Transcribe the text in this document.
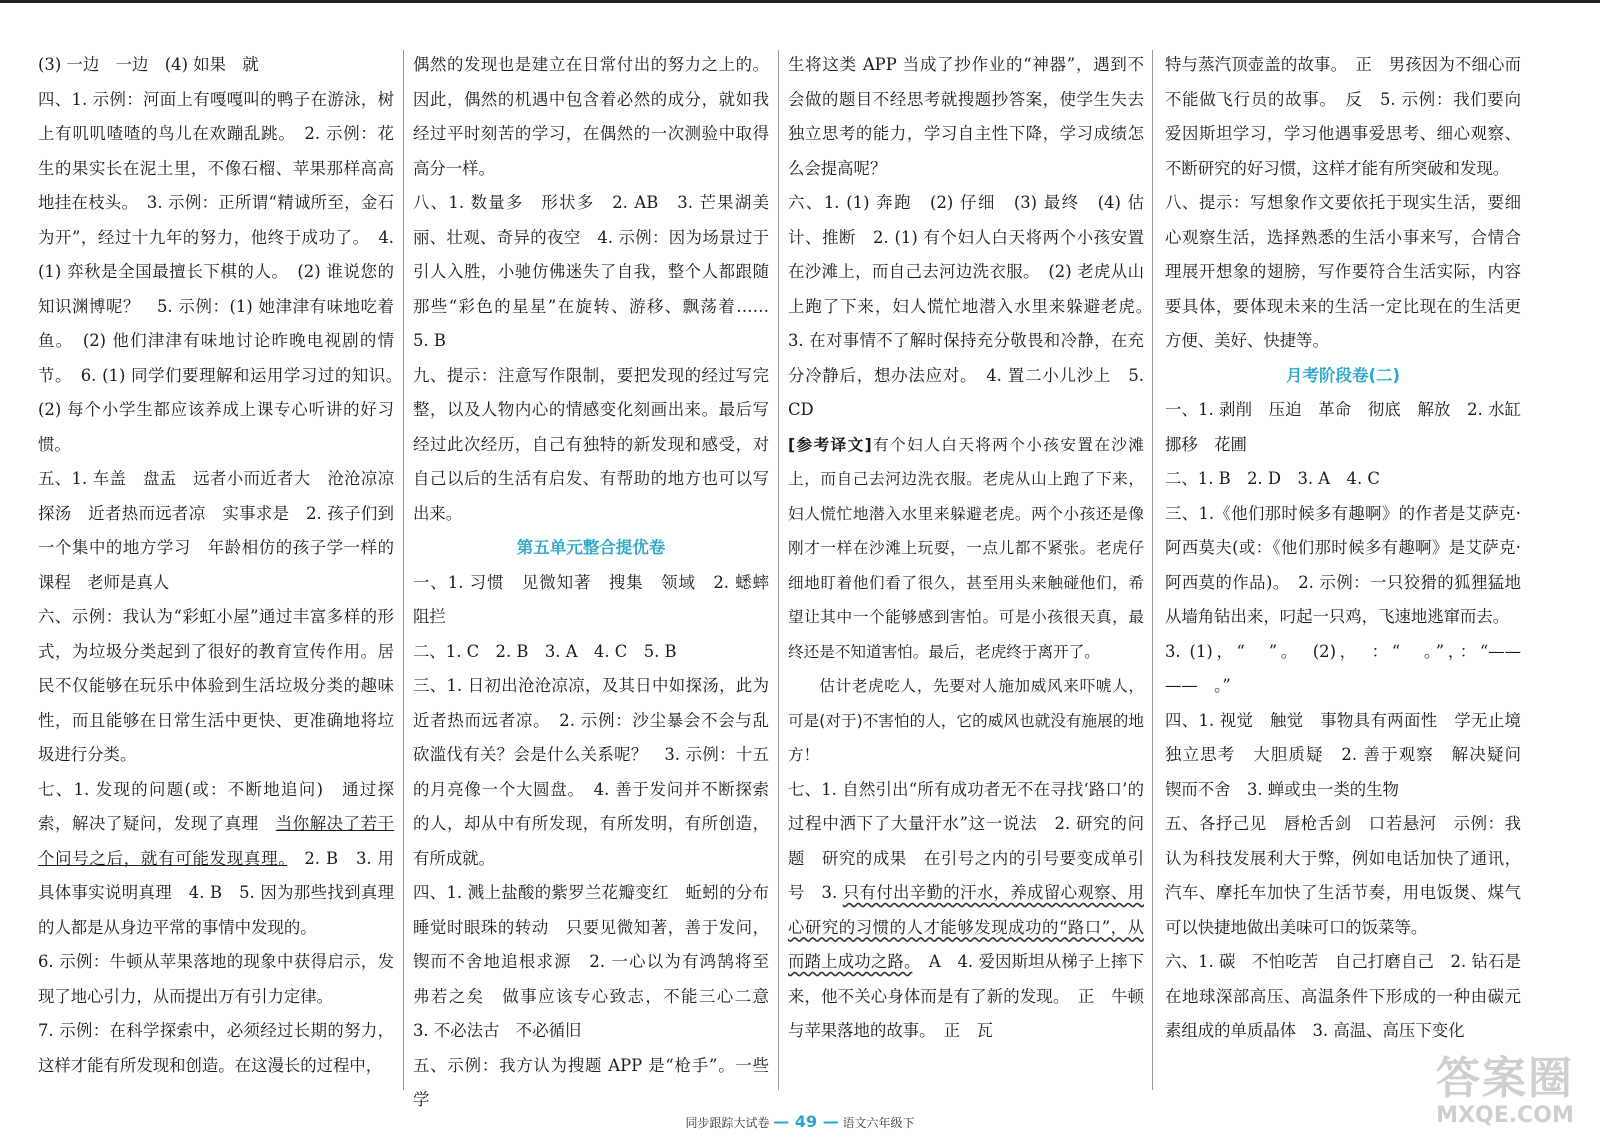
(3) 一边　一边　(4) 如果　就

四、1. 示例：河面上有嘎嘎叫的鸭子在游泳，树上有叽叽喳喳的鸟儿在欢蹦乱跳。　2. 示例：花生的果实长在泥土里，不像石榴、苹果那样高高地挂在枝头。　3. 示例：正所谓“精诚所至，金石为开”，经过十九年的努力，他终于成功了。　4. (1) 弈秋是全国最擅长下棋的人。　(2) 谁说您的知识渊博呢？　5. 示例：(1) 她津津有味地吃着鱼。　(2) 他们津津有味地讨论昨晚电视剧的情节。　6. (1) 同学们要理解和运用学习过的知识。　(2) 每个小学生都应该养成上课专心听讲的好习惯。

五、1. 车盖　盘盂　远者小而近者大　沧沧凉凉　探汤　近者热而远者凉　实事求是　2. 孩子们到一个集中的地方学习　年龄相仿的孩子学一样的课程　老师是真人

六、示例：我认为“彩虹小屋”通过丰富多样的形式，为垃圾分类起到了很好的教育宣传作用。居民不仅能够在玩乐中体验到生活垃圾分类的趣味性，而且能够在日常生活中更快、更准确地将垃圾进行分类。

七、1. 发现的问题(或：不断地追问)　通过探索，解决了疑问，发现了真理　当你解决了若干个问号之后，就有可能发现真理。　2. B　3. 用具体事实说明真理　4. B　5. 因为那些找到真理的人都是从身边平常的事情中发现的。

6. 示例：牛顿从苹果落地的现象中获得启示，发现了地心引力，从而提出万有引力定律。

7. 示例：在科学探索中，必须经过长期的努力，这样才能有所发现和创造。在这漫长的过程中，

偶然的发现也是建立在日常付出的努力之上的。因此，偶然的机遇中包含着必然的成分，就如我经过平时刻苦的学习，在偶然的一次测验中取得高分一样。

八、1. 数量多　形状多　2. AB　3. 芒果湖美丽、壮观、奇异的夜空　4. 示例：因为场景过于引人入胜，小驰仿佛迷失了自我，整个人都跟随那些“彩色的星星”在旋转、游移、飘荡着……　5. B

九、提示：注意写作限制，要把发现的经过写完整，以及人物内心的情感变化刻画出来。最后写经过此次经历，自己有独特的新发现和感受，对自己以后的生活有启发、有帮助的地方也可以写出来。

第五单元整合提优卷

一、1. 习惯　见微知著　搜集　领域　2. 蟋蟀　阻拦

二、1. C　2. B　3. A　4. C　5. B

三、1. 日初出沧沧凉凉，及其日中如探汤，此为近者热而远者凉。　2. 示例：沙尘暴会不会与乱砍滥伐有关？会是什么关系呢？　3. 示例：十五的月亮像一个大圆盘。　4. 善于发问并不断探索的人，却从中有所发现，有所发明，有所创造，有所成就。

四、1. 溅上盐酸的紫罗兰花瓣变红　蚯蚓的分布　睡觉时眼珠的转动　只要见微知著，善于发问，锲而不舍地追根求源　2. 一心以为有鸿鹄将至　弗若之矣　做事应该专心致志，不能三心二意　3. 不必法古　不必循旧

五、示例：我方认为搜题 APP 是“枪手”。一些学

生将这类 APP 当成了抄作业的“神器”，遇到不会做的题目不经思考就搜题抄答案，使学生失去独立思考的能力，学习自主性下降，学习成绩怎么会提高呢？

六、1. (1) 奔跑　(2) 仔细　(3) 最终　(4) 估计、推断　2. (1) 有个妇人白天将两个小孩安置在沙滩上，而自己去河边洗衣服。　(2) 老虎从山上跑了下来，妇人慌忙地潜入水里来躲避老虎。　3. 在对事情不了解时保持充分敬畏和冷静，在充分冷静后，想办法应对。　4. 置二小儿沙上　5. CD

[参考译文]有个妇人白天将两个小孩安置在沙滩上，而自己去河边洗衣服。老虎从山上跑了下来，妇人慌忙地潜入水里来躲避老虎。两个小孩还是像刚才一样在沙滩上玩耍，一点儿都不紧张。老虎仔细地盯着他们看了很久，甚至用头来触碰他们，希望让其中一个能够感到害怕。可是小孩很天真，最终还是不知道害怕。最后，老虎终于离开了。

估计老虎吃人，先要对人施加威风来吓唬人，可是(对于)不害怕的人，它的威风也就没有施展的地方！

七、1. 自然引出“所有成功者无不在寻找‘路口’的过程中洒下了大量汗水”这一说法　2. 研究的问题　研究的成果　在引号之内的引号要变成单引号　3. 只有付出辛勤的汗水，养成留心观察、用心研究的习惯的人才能够发现成功的“路口”，从而踏上成功之路。　A　4. 爱因斯坦从梯子上摔下来，他不关心身体而是有了新的发现。　正　牛顿与苹果落地的故事。　正　瓦

特与蒸汽顶壶盖的故事。　正　男孩因为不细心而不能做飞行员的故事。　反　5. 示例：我们要向爱因斯坦学习，学习他遇事爱思考、细心观察、不断研究的好习惯，这样才能有所突破和发现。

八、提示：写想象作文要依托于现实生活，要细心观察生活，选择熟悉的生活小事来写，合情合理展开想象的翅膀，写作要符合生活实际，内容要具体，要体现未来的生活一定比现在的生活更方便、美好、快捷等。

月考阶段卷(二)

一、1. 剥削　压迫　革命　彻底　解放　2. 水缸　挪移　花圃

二、1. B　2. D　3. A　4. C

三、1.《他们那时候多有趣啊》的作者是艾萨克·阿西莫夫(或：《他们那时候多有趣啊》是艾萨克·阿西莫的作品)。　2. 示例：一只狡猾的狐狸猛地从墙角钻出来，叼起一只鸡，飞速地逃窜而去。

3. (1)，“　”。　(2)，　：“　。”，：“——　——　。”

四、1. 视觉　触觉　事物具有两面性　学无止境　独立思考　大胆质疑　2. 善于观察　解决疑问　锲而不舍　3. 蝉或虫一类的生物

五、各抒己见　唇枪舌剑　口若悬河　示例：我认为科技发展利大于弊，例如电话加快了通讯，汽车、摩托车加快了生活节奏，用电饭煲、煤气可以快捷地做出美味可口的饭菜等。

六、1. 碳　不怕吃苦　自己打磨自己　2. 钻石是在地球深部高压、高温条件下形成的一种由碳元素组成的单质晶体　3. 高温、高压下变化

同步跟踪大试卷 — 49 — 语文六年级下
答案圈
MXQE.COM
